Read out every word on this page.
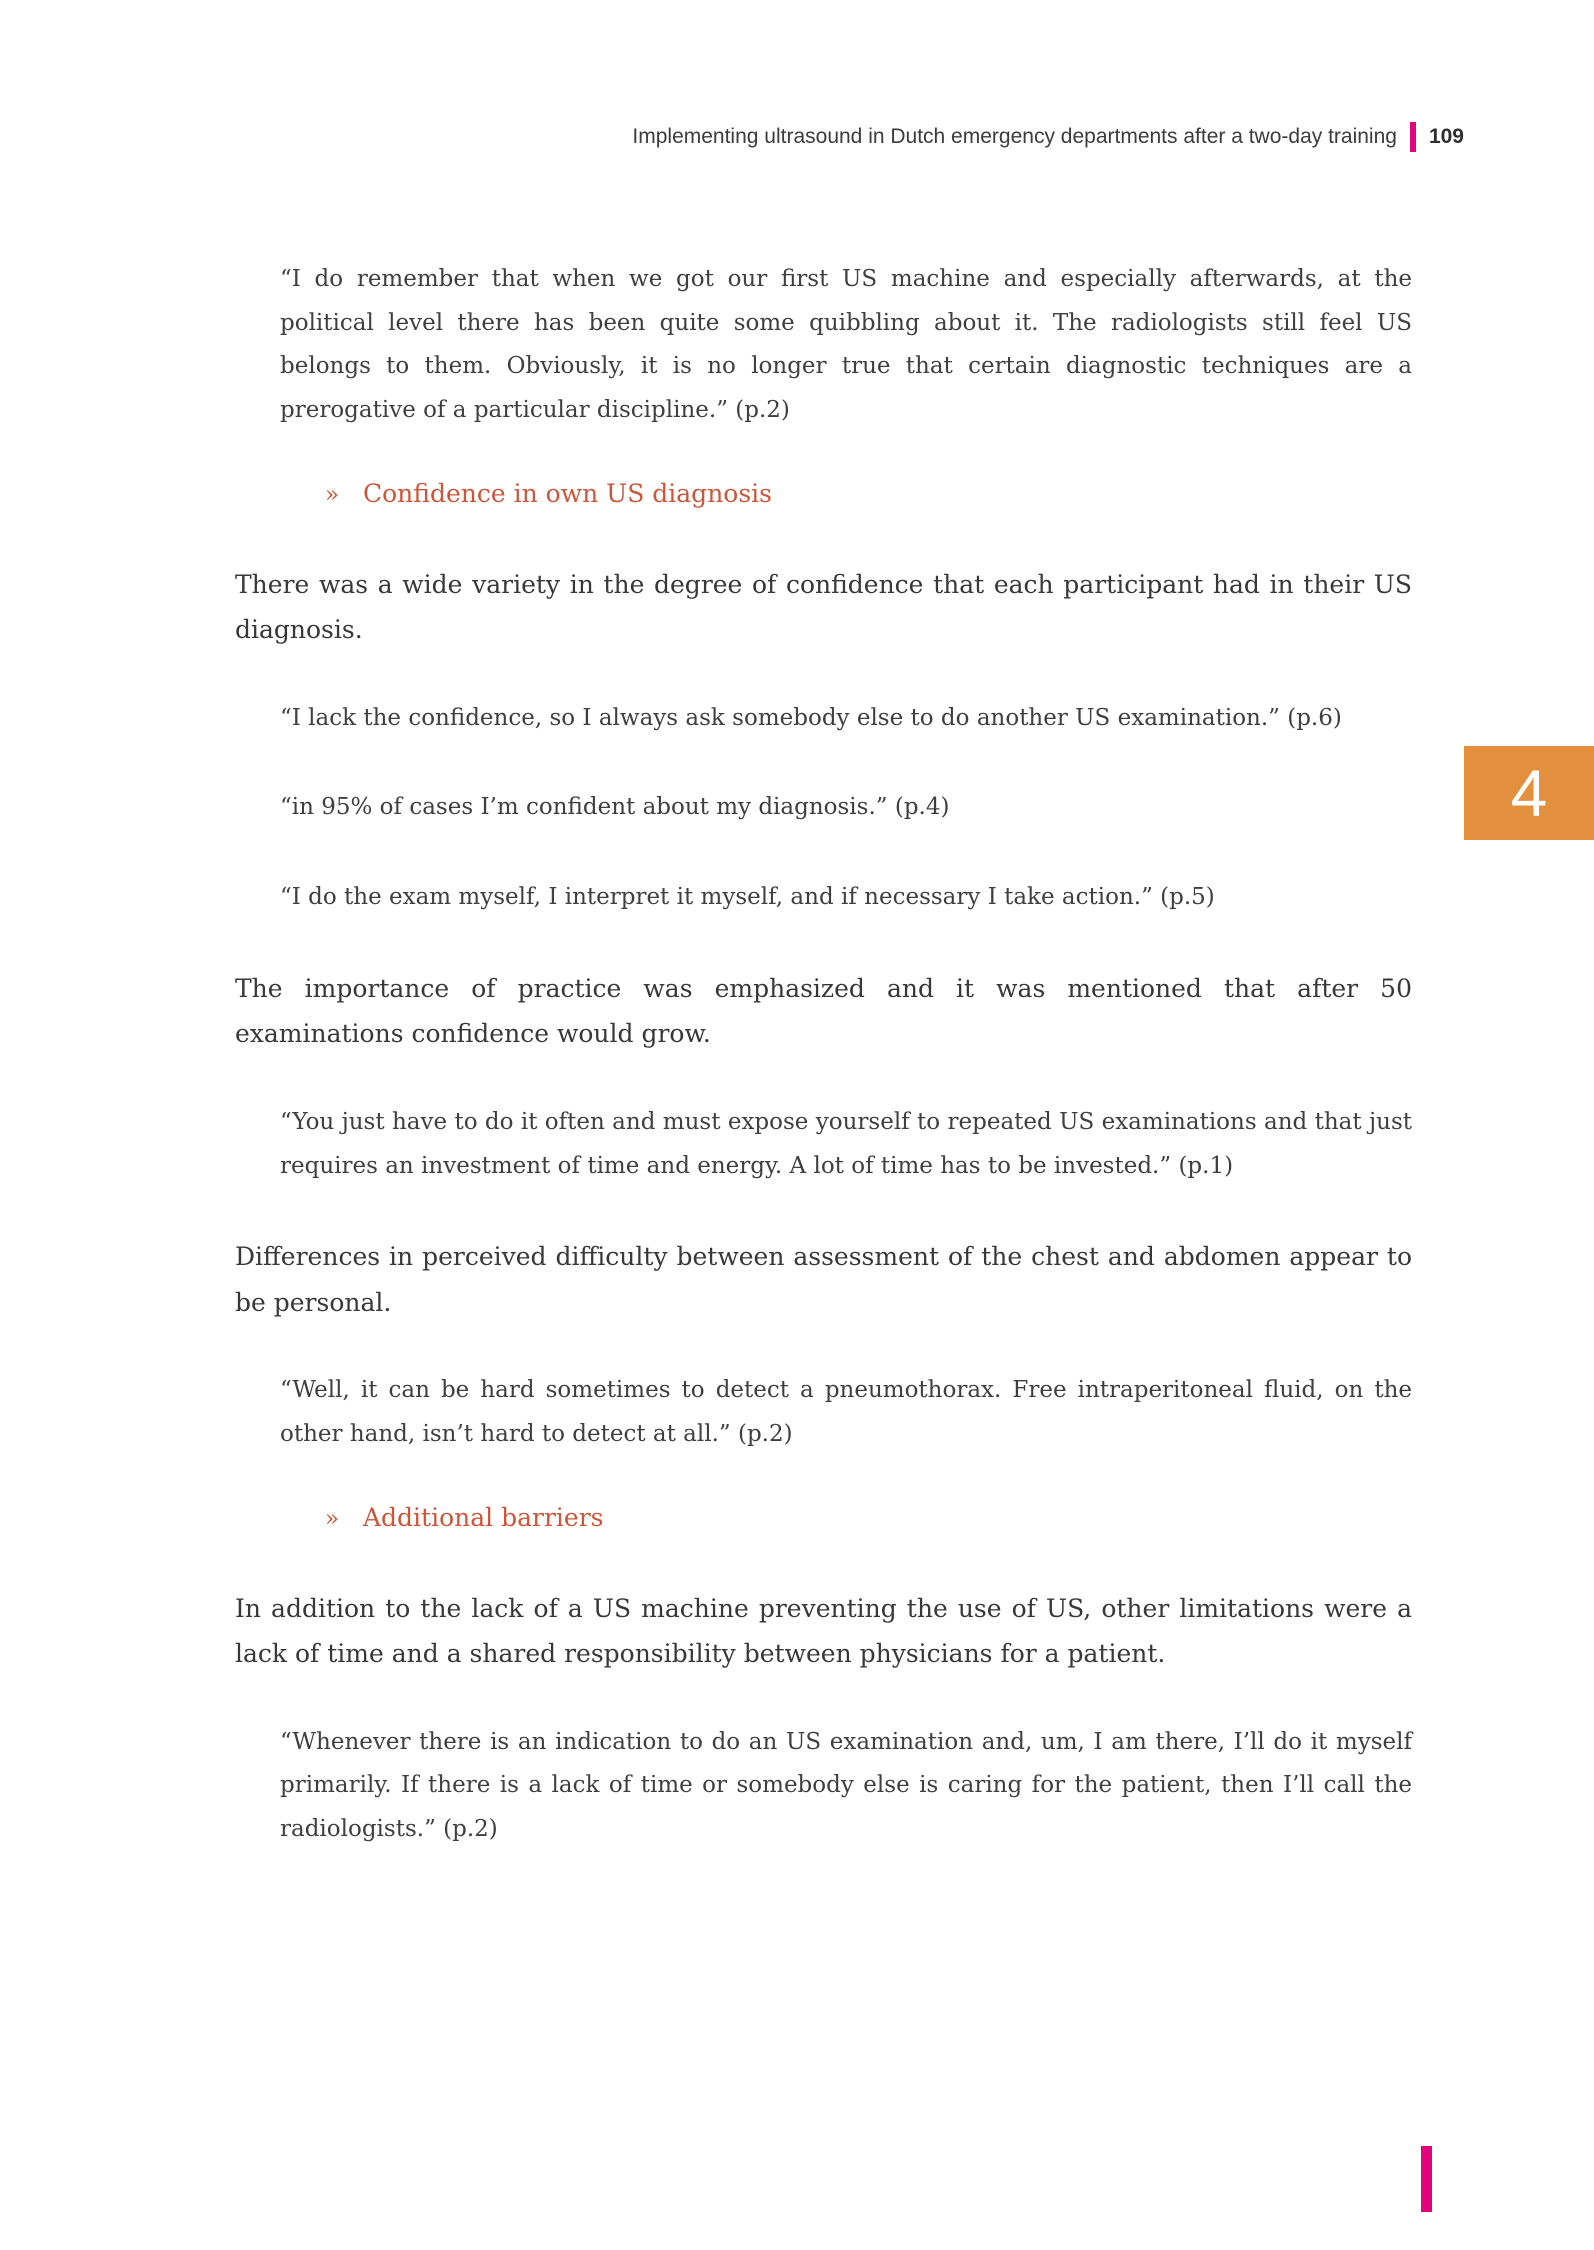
Implementing ultrasound in Dutch emergency departments after a two-day training 109

“I do remember that when we got our first US machine and especially afterwards, at the political level there has been quite some quibbling about it. The radiologists still feel US belongs to them. Obviously, it is no longer true that certain diagnostic techniques are a prerogative of a particular discipline.” (p.2)

» Confidence in own US diagnosis

There was a wide variety in the degree of confidence that each participant had in their US diagnosis.

“I lack the confidence, so I always ask somebody else to do another US examination.” (p.6)

“in 95% of cases I’m confident about my diagnosis.” (p.4)

“I do the exam myself, I interpret it myself, and if necessary I take action.” (p.5)

The importance of practice was emphasized and it was mentioned that after 50 examinations confidence would grow.

“You just have to do it often and must expose yourself to repeated US examinations and that just requires an investment of time and energy. A lot of time has to be invested.” (p.1)

Differences in perceived difficulty between assessment of the chest and abdomen appear to be personal.

“Well, it can be hard sometimes to detect a pneumothorax. Free intraperitoneal fluid, on the other hand, isn’t hard to detect at all.” (p.2)

» Additional barriers

In addition to the lack of a US machine preventing the use of US, other limitations were a lack of time and a shared responsibility between physicians for a patient.

“Whenever there is an indication to do an US examination and, um, I am there, I’ll do it myself primarily. If there is a lack of time or somebody else is caring for the patient, then I’ll call the radiologists.” (p.2)

4
